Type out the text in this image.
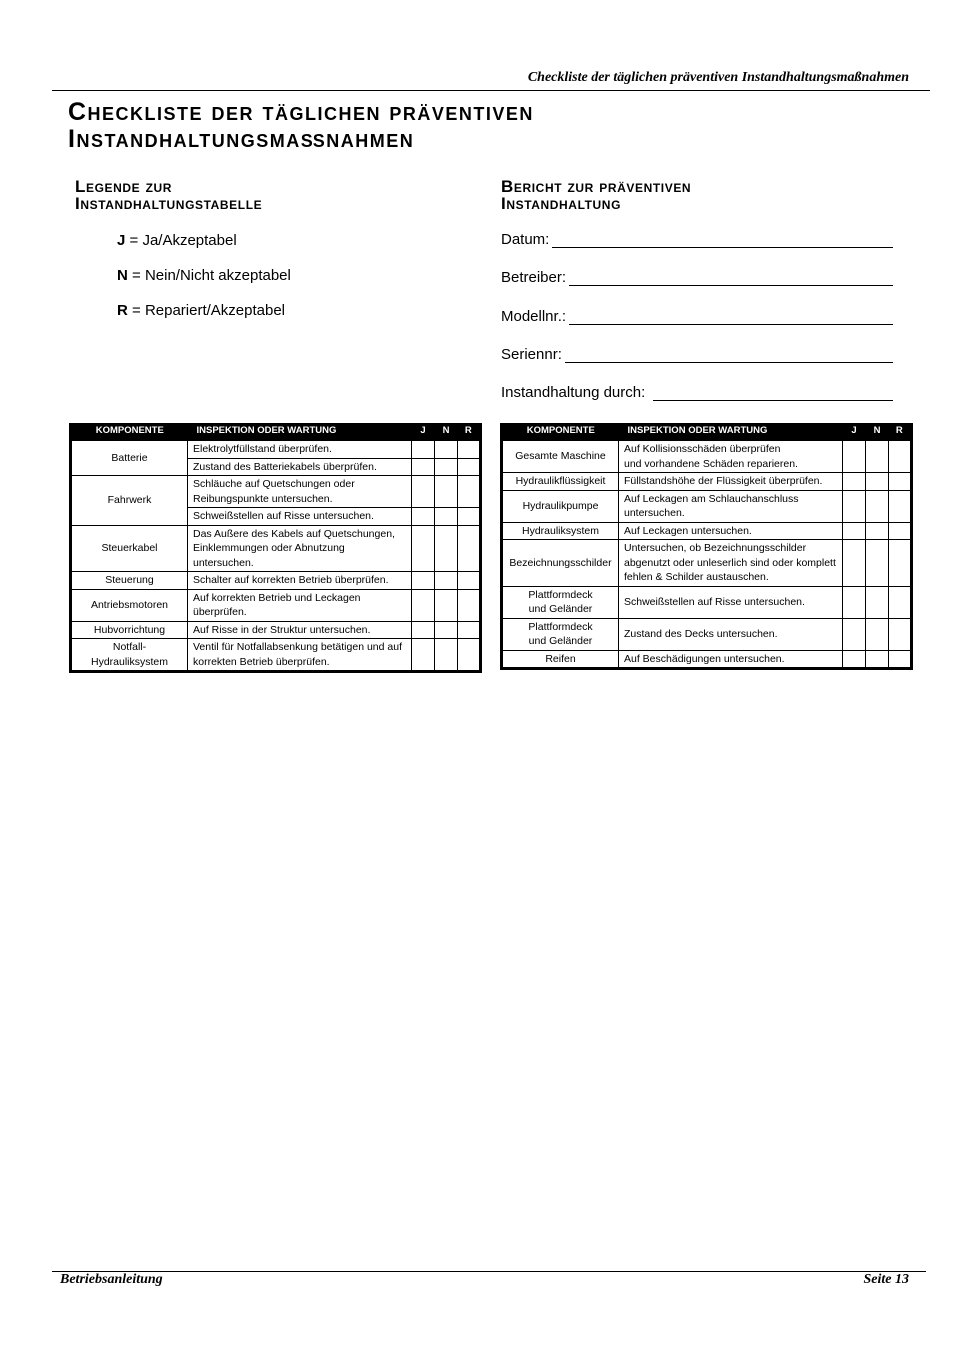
Checkliste der täglichen präventiven Instandhaltungsmaßnahmen
Checkliste der täglichen präventiven
Instandhaltungsmaßnahmen
Legende zur
Instandhaltungstabelle
J = Ja/Akzeptabel
N = Nein/Nicht akzeptabel
R = Repariert/Akzeptabel
Bericht zur präventiven
Instandhaltung
Datum:
Betreiber:
Modellnr.:
Seriennr:
Instandhaltung durch:
KOMPONENTE	INSPEKTION ODER WARTUNG	J	N	R
Batterie	Elektrolytfüllstand überprüfen.			
	Zustand des Batteriekabels überprüfen.			
Fahrwerk	Schläuche auf Quetschungen oder
Reibungspunkte untersuchen.			
	Schweißstellen auf Risse untersuchen.			
Steuerkabel	Das Außere des Kabels auf Quetschungen,
Einklemmungen oder Abnutzung
untersuchen.			
Steuerung	Schalter auf korrekten Betrieb überprüfen.			
Antriebsmotoren	Auf korrekten Betrieb und Leckagen
überprüfen.			
Hubvorrichtung	Auf Risse in der Struktur untersuchen.			
Notfall-
Hydrauliksystem	Ventil für Notfallabsenkung betätigen und auf
korrekten Betrieb überprüfen.			
KOMPONENTE	INSPEKTION ODER WARTUNG	J	N	R
Gesamte Maschine	Auf Kollisionsschäden überprüfen
und vorhandene Schäden reparieren.			
Hydraulikflüssigkeit	Füllstandshöhe der Flüssigkeit überprüfen.			
Hydraulikpumpe	Auf Leckagen am Schlauchanschluss
untersuchen.			
Hydrauliksystem	Auf Leckagen untersuchen.			
Bezeichnungsschilder	Untersuchen, ob Bezeichnungsschilder
abgenutzt oder unleserlich sind oder komplett
fehlen & Schilder austauschen.			
Plattformdeck
und Geländer	Schweißstellen auf Risse untersuchen.			
Plattformdeck
und Geländer	Zustand des Decks untersuchen.			
Reifen	Auf Beschädigungen untersuchen.			
Betriebsanleitung	Seite 13
